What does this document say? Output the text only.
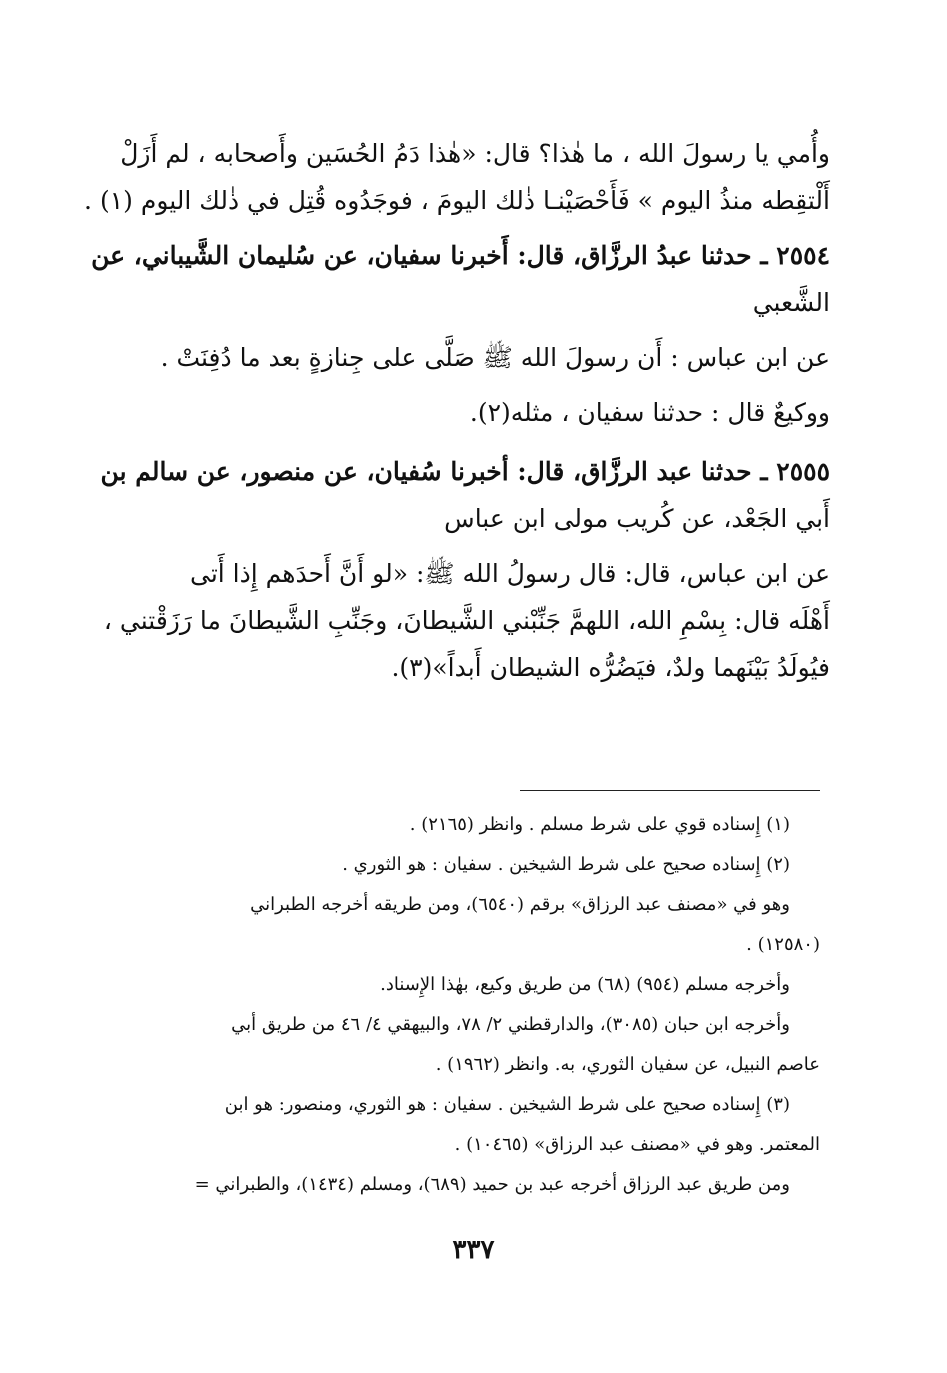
وأُمي يا رسولَ الله ، ما هٰذا؟ قال: «هٰذا دَمُ الحُسَين وأَصحابه ، لم أَزَلْ
أَلْتقِطه منذُ اليوم » فَأَحْصَيْنـا ذٰلك اليومَ ، فوجَدُوه قُتِل في ذٰلك اليوم (١) .
٢٥٥٤ ـ حدثنا عبدُ الرزَّاق، قال: أَخبرنا سفيان، عن سُليمان الشَّيباني، عن
الشَّعبي
عن ابن عباس : أَن رسولَ الله ﷺ صَلَّى على جِنازةٍ بعد ما دُفِنَتْ .
ووكيعٌ قال : حدثنا سفيان ، مثله(٢).
٢٥٥٥ ـ حدثنا عبد الرزَّاق، قال: أخبرنا سُفيان، عن منصور، عن سالم بن
أَبي الجَعْد، عن كُريب مولى ابن عباس
عن ابن عباس، قال: قال رسولُ الله ﷺ: «لو أَنَّ أَحدَهم إِذا أَتى
أَهْلَه قال: بِسْمِ الله، اللهمَّ جَنِّبْني الشَّيطانَ، وجَنِّبِ الشَّيطانَ ما رَزَقْتني ،
فيُولَدُ بَيْنَهما ولدٌ، فيَضُرُّه الشيطان أَبداً»(٣).
(١) إِسناده قوي على شرط مسلم . وانظر (٢١٦٥) .
(٢) إِسناده صحيح على شرط الشيخين . سفيان : هو الثوري .
وهو في «مصنف عبد الرزاق» برقم (٦٥٤٠)، ومن طريقه أخرجه الطبراني
(١٢٥٨٠) .
وأخرجه مسلم (٩٥٤) (٦٨) من طريق وكيع، بهٰذا الإِسناد.
وأخرجه ابن حبان (٣٠٨٥)، والدارقطني ٢/ ٧٨، والبيهقي ٤/ ٤٦ من طريق أبي
عاصم النبيل، عن سفيان الثوري، به. وانظر (١٩٦٢) .
(٣) إِسناده صحيح على شرط الشيخين . سفيان : هو الثوري، ومنصور: هو ابن
المعتمر. وهو في «مصنف عبد الرزاق» (١٠٤٦٥) .
ومن طريق عبد الرزاق أخرجه عبد بن حميد (٦٨٩)، ومسلم (١٤٣٤)، والطبراني =
٣٣٧
